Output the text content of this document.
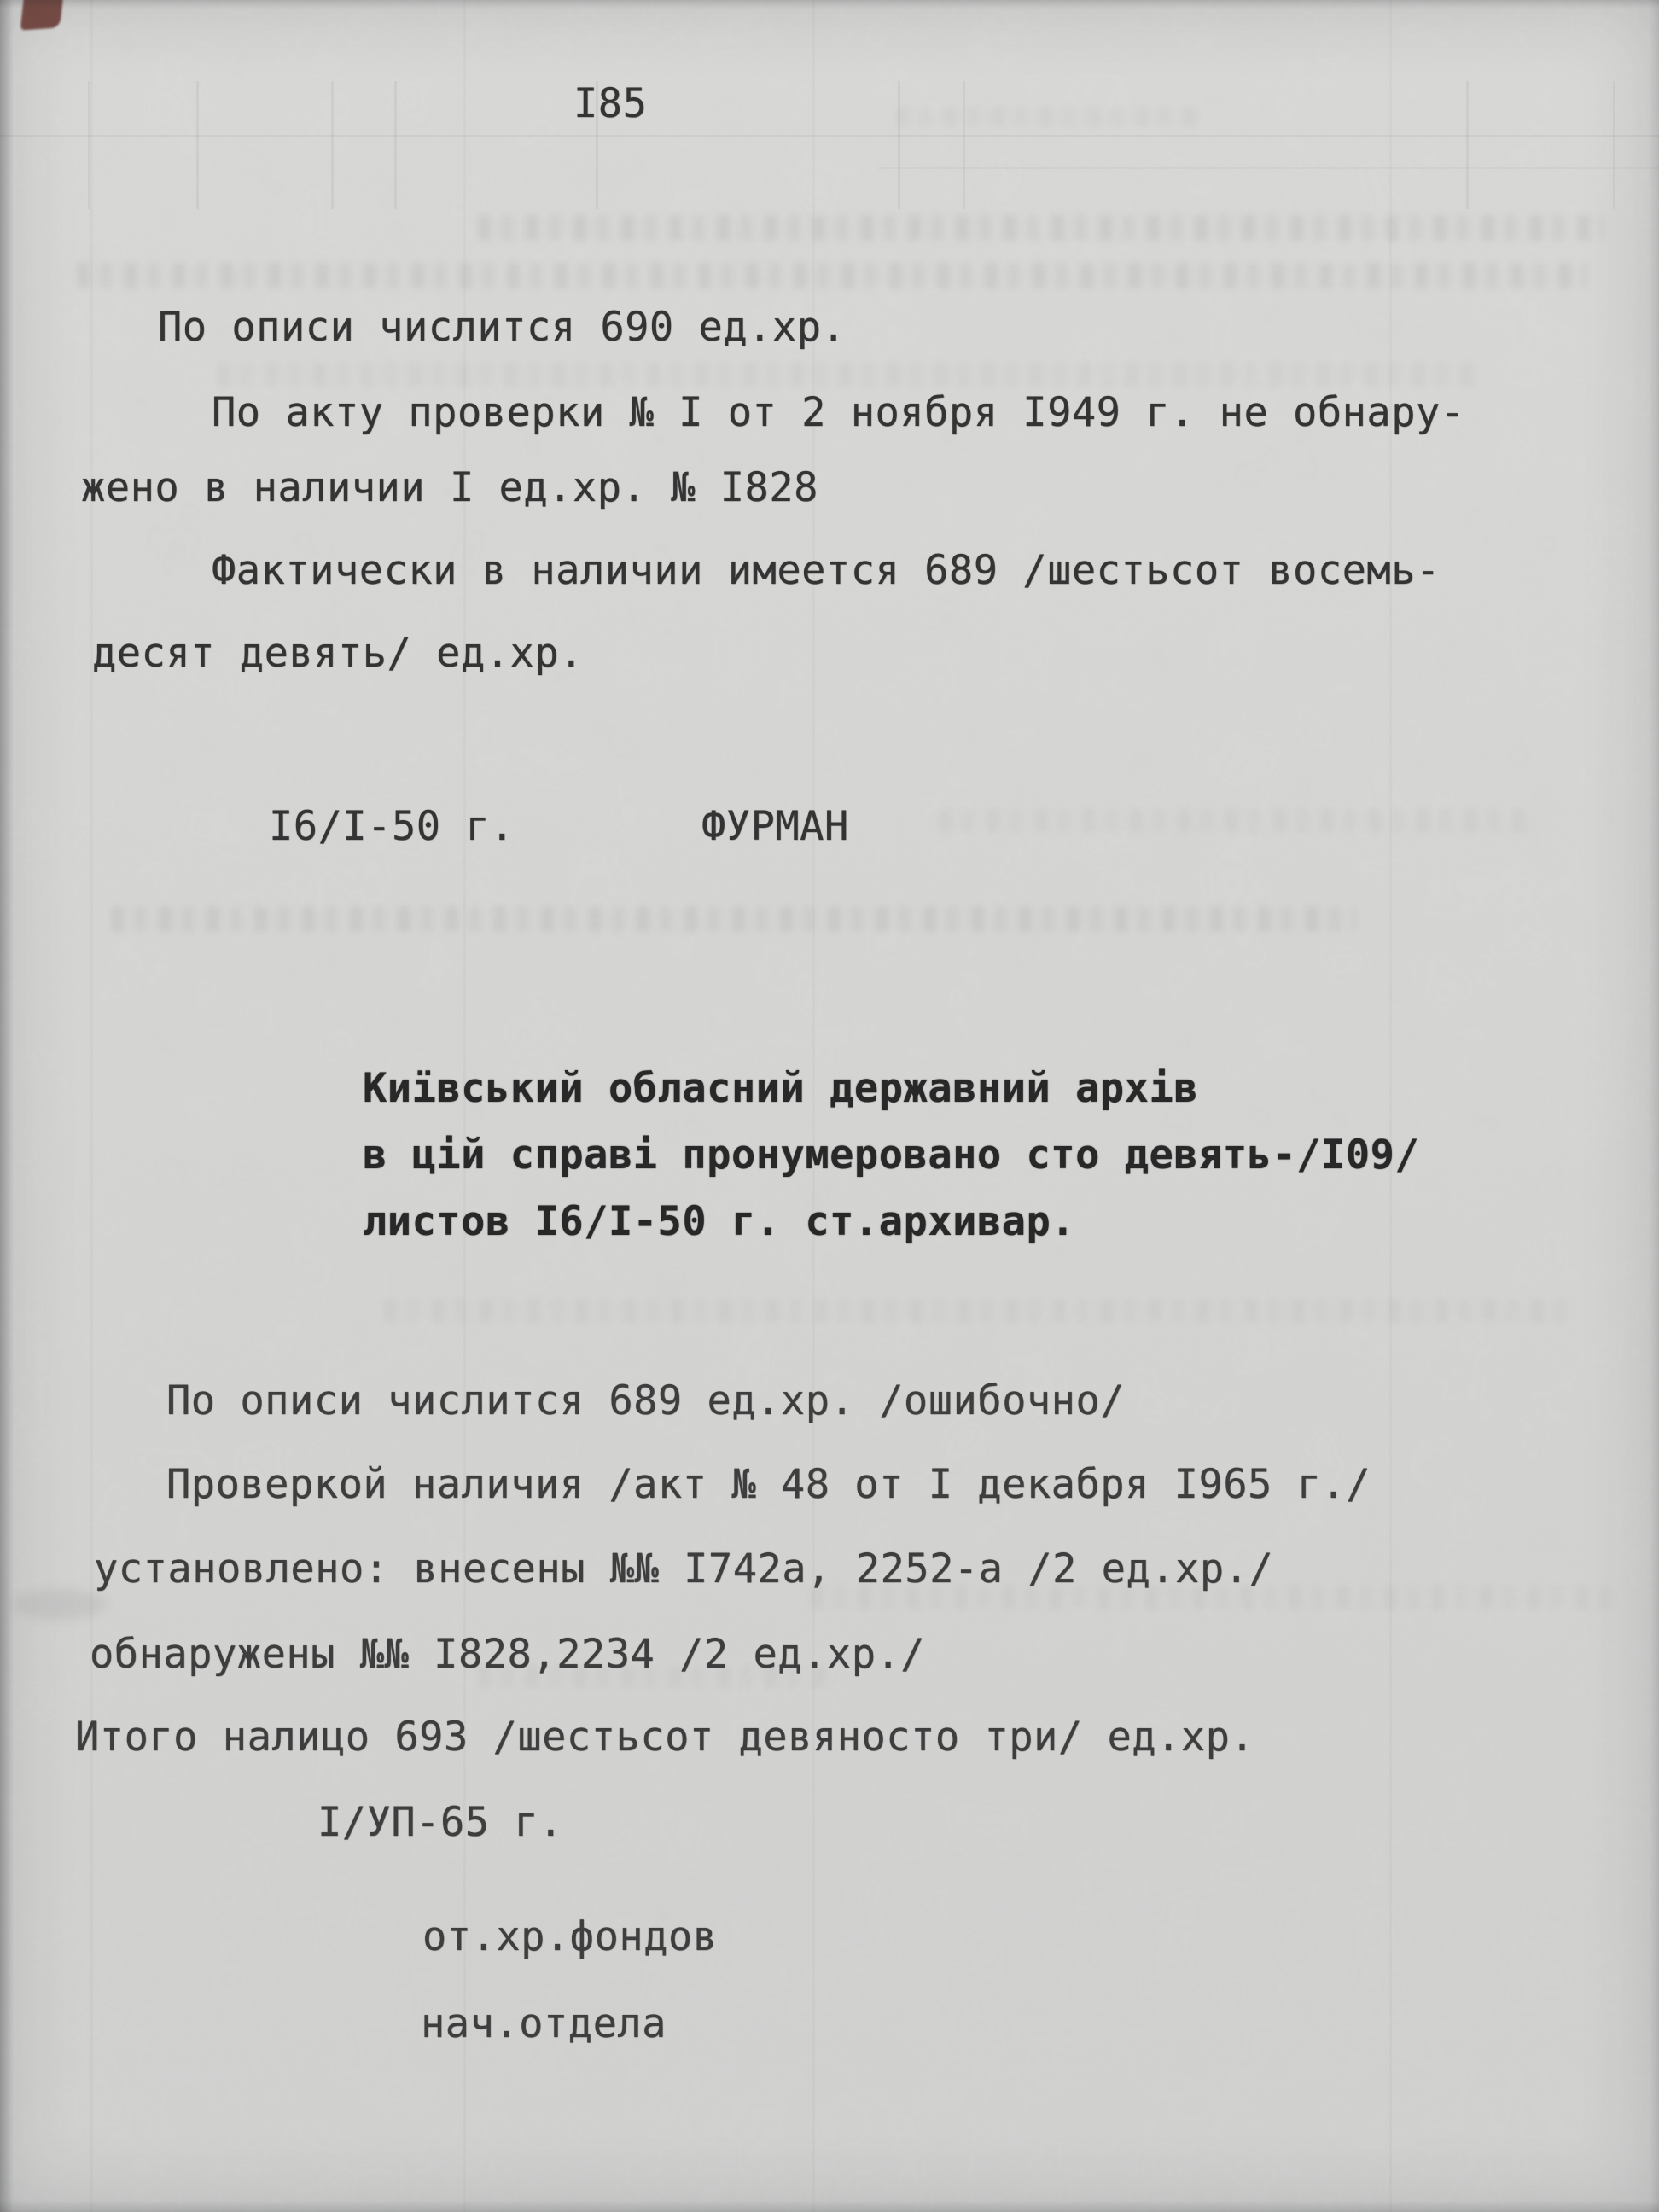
I85
По описи числится 690 ед.хр.
По акту проверки № I от 2 ноября I949 г. не обнару-
жено в наличии I ед.хр. № I828
Фактически в наличии имеется 689 /шестьсот восемь-
десят девять/ ед.хр.
I6/I-50 г.	ФУРМАН
Київський обласний державний архів
в цій справі пронумеровано сто девять-/I09/
листов I6/I-50 г. ст.архивар.
По описи числится 689 ед.хр. /ошибочно/
Проверкой наличия /акт № 48 от I декабря I965 г./
установлено: внесены №№ I742а, 2252-а /2 ед.хр./
обнаружены №№ I828,2234 /2 ед.хр./
Итого налицо 693 /шестьсот девяносто три/ ед.хр.
I/УП-65 г.
от.хр.фондов
нач.отдела
